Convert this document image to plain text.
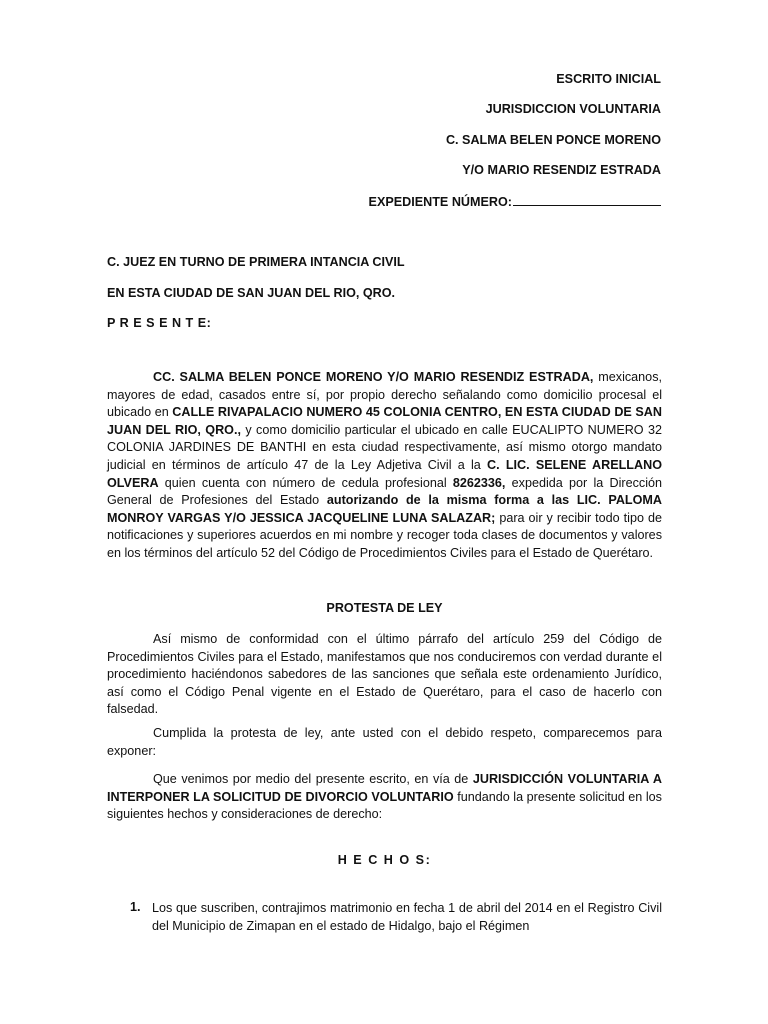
ESCRITO INICIAL
JURISDICCION VOLUNTARIA
C. SALMA BELEN PONCE MORENO
Y/O MARIO RESENDIZ ESTRADA
EXPEDIENTE NÚMERO:
C. JUEZ EN TURNO DE PRIMERA INTANCIA CIVIL
EN ESTA CIUDAD DE SAN JUAN DEL RIO, QRO.
P R E S E N T E:
CC. SALMA BELEN PONCE MORENO Y/O MARIO RESENDIZ ESTRADA, mexicanos, mayores de edad, casados entre sí, por propio derecho señalando como domicilio procesal el ubicado en CALLE RIVAPALACIO NUMERO 45 COLONIA CENTRO, EN ESTA CIUDAD DE SAN JUAN DEL RIO, QRO., y como domicilio particular el ubicado en calle EUCALIPTO NUMERO 32 COLONIA JARDINES DE BANTHI en esta ciudad respectivamente, así mismo otorgo mandato judicial en términos de artículo 47 de la Ley Adjetiva Civil a la C. LIC. SELENE ARELLANO OLVERA quien cuenta con número de cedula profesional 8262336, expedida por la Dirección General de Profesiones del Estado autorizando de la misma forma a las LIC. PALOMA MONROY VARGAS Y/O JESSICA JACQUELINE LUNA SALAZAR; para oir y recibir todo tipo de notificaciones y superiores acuerdos en mi nombre y recoger toda clases de documentos y valores en los términos del artículo 52 del Código de Procedimientos Civiles para el Estado de Querétaro.
PROTESTA DE LEY
Así mismo de conformidad con el último párrafo del artículo 259 del Código de Procedimientos Civiles para el Estado, manifestamos que nos conduciremos con verdad durante el procedimiento haciéndonos sabedores de las sanciones que señala este ordenamiento Jurídico, así como el Código Penal vigente en el Estado de Querétaro, para el caso de hacerlo con falsedad.
Cumplida la protesta de ley, ante usted con el debido respeto, comparecemos para exponer:
Que venimos por medio del presente escrito, en vía de JURISDICCIÓN VOLUNTARIA A INTERPONER LA SOLICITUD DE DIVORCIO VOLUNTARIO fundando la presente solicitud en los siguientes hechos y consideraciones de derecho:
H E C H O S:
1. Los que suscriben, contrajimos matrimonio en fecha 1 de abril del 2014 en el Registro Civil del Municipio de Zimapan en el estado de Hidalgo, bajo el Régimen
